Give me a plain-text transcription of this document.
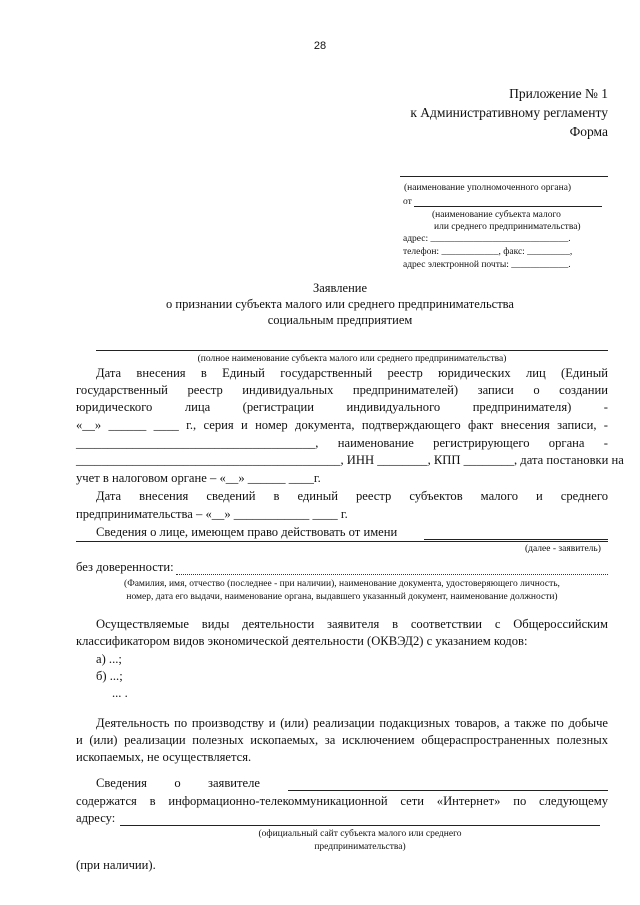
28
Приложение № 1
к Административному регламенту
Форма
(наименование уполномоченного органа)
от
(наименование субъекта малого
или среднего предпринимательства)
адрес: _____________________________.
телефон: ____________, факс: _________,
адрес электронной почты: ____________.
Заявление
о признании субъекта малого или среднего предпринимательства
социальным предприятием
(полное наименование субъекта малого или среднего предпринимательства)
Дата внесения в Единый государственный реестр юридических лиц (Единый
государственный реестр индивидуальных предпринимателей) записи о создании
юридического лица (регистрации индивидуального предпринимателя) -
«__» ______ ____ г., серия и номер документа, подтверждающего факт внесения записи, -
______________________________________, наименование регистрирующего органа -
__________________________________________, ИНН ________, КПП ________, дата постановки на
учет в налоговом органе – «__» ______ ____г.
Дата внесения сведений в единый реестр субъектов малого и среднего
предпринимательства – «__» ____________ ____ г.
Сведения о лице, имеющем право действовать от имени
(далее - заявитель)
без доверенности:
(Фамилия, имя, отчество (последнее - при наличии), наименование документа, удостоверяющего личность,
номер, дата его выдачи, наименование органа, выдавшего указанный документ, наименование должности)
Осуществляемые виды деятельности заявителя в соответствии с Общероссийским
классификатором видов экономической деятельности (ОКВЭД2) с указанием кодов:
а) ...;
б) ...;
... .
Деятельность по производству и (или) реализации подакцизных товаров, а также по добыче
и (или) реализации полезных ископаемых, за исключением общераспространенных полезных
ископаемых, не осуществляется.
Сведения о заявителе
содержатся в информационно-телекоммуникационной сети «Интернет» по следующему
адресу:
(официальный сайт субъекта малого или среднего
предпринимательства)
(при наличии).
